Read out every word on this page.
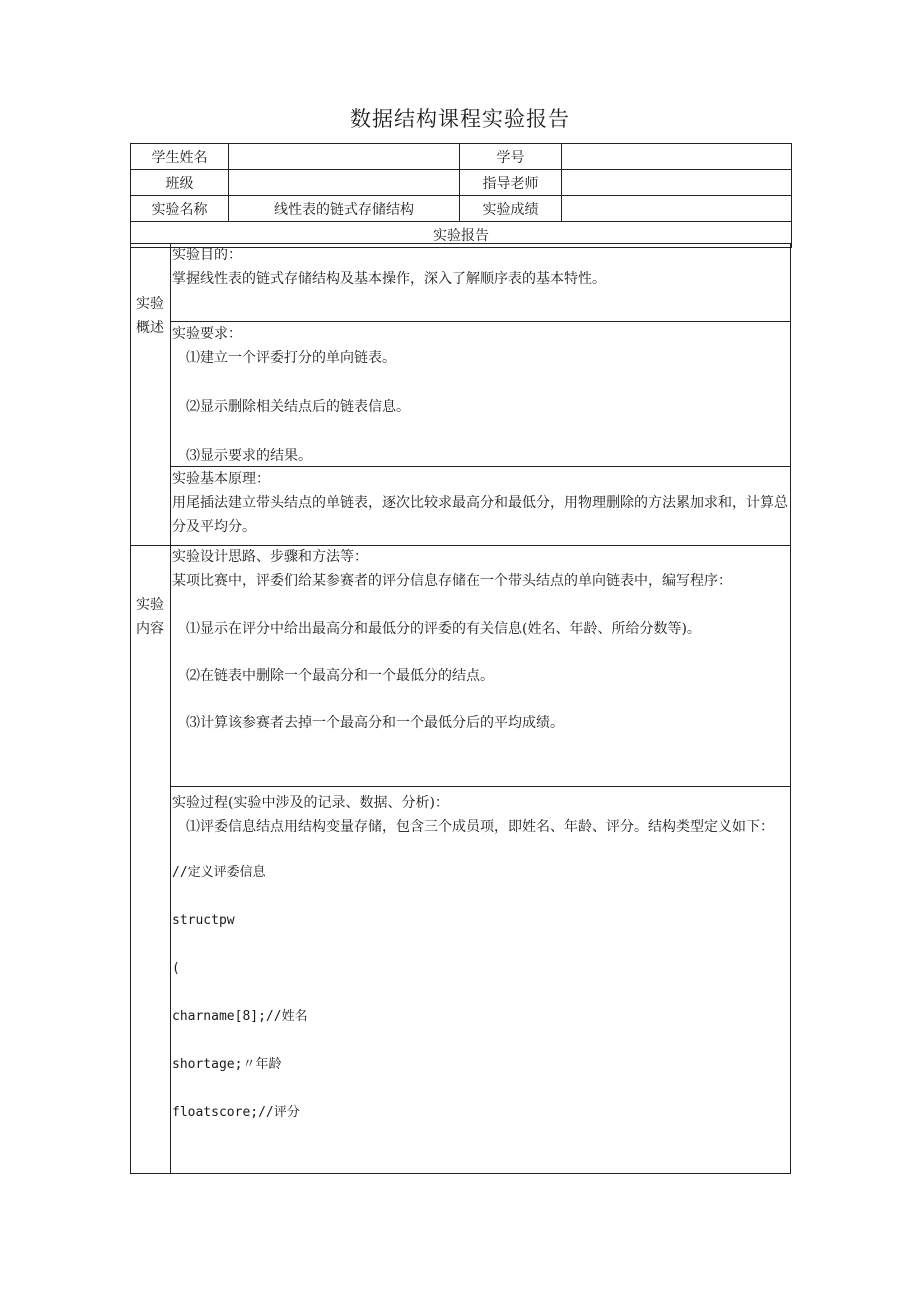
数据结构课程实验报告
学生姓名		学号	
班级		指导老师	
实验名称	线性表的链式存储结构	实验成绩	
实验报告			
实验
概述

实验目的：

掌握线性表的链式存储结构及基本操作，深入了解顺序表的基本特性。

实验要求：

⑴建立一个评委打分的单向链表。

⑵显示删除相关结点后的链表信息。

⑶显示要求的结果。

实验基本原理：

用尾插法建立带头结点的单链表，逐次比较求最高分和最低分，用物理删除的方法累加求和，计算总分及平均分。

实验
内容

实验设计思路、步骤和方法等：

某项比赛中，评委们给某参赛者的评分信息存储在一个带头结点的单向链表中，编写程序：

⑴显示在评分中给出最高分和最低分的评委的有关信息(姓名、年龄、所给分数等)。

⑵在链表中删除一个最高分和一个最低分的结点。

⑶计算该参赛者去掉一个最高分和一个最低分后的平均成绩。

实验过程(实验中涉及的记录、数据、分析)：

⑴评委信息结点用结构变量存储，包含三个成员项，即姓名、年龄、评分。结构类型定义如下：

//定义评委信息

structpw

(

charname[8];//姓名

shortage;〃年龄

floatscore;//评分
